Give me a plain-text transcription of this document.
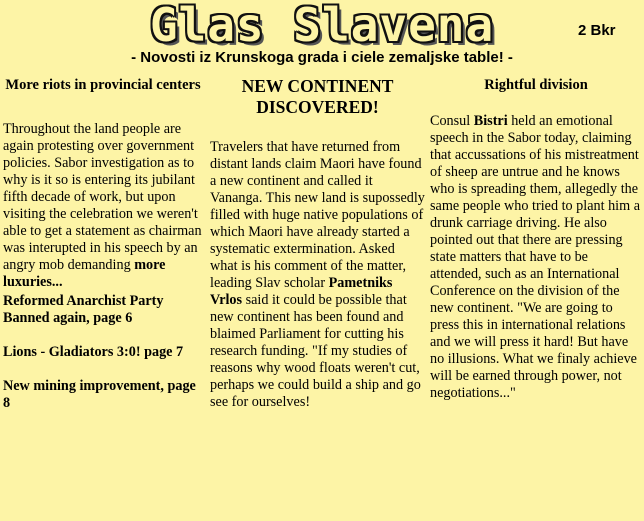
Glas Slavena	2 Bkr
- Novosti iz Krunskoga grada i ciele zemaljske table! -
More riots in provincial centers

Throughout the land people are again protesting over government policies. Sabor investigation as to why is it so is entering its jubilant fifth decade of work, but upon visiting the celebration we weren't able to get a statement as chairman was interupted in his speech by an angry mob demanding more luxuries...

Reformed Anarchist Party Banned again, page 6

Lions - Gladiators 3:0! page 7

New mining improvement, page 8

NEW CONTINENT DISCOVERED!

Travelers that have returned from distant lands claim Maori have found a new continent and called it Vananga. This new land is supossedly filled with huge native populations of which Maori have already started a systematic extermination. Asked what is his comment of the matter, leading Slav scholar Pametniks Vrlos said it could be possible that new continent has been found and blaimed Parliament for cutting his research funding. "If my studies of reasons why wood floats weren't cut, perhaps we could build a ship and go see for ourselves!

Rightful division

Consul Bistri held an emotional speech in the Sabor today, claiming that accussations of his mistreatment of sheep are untrue and he knows who is spreading them, allegedly the same people who tried to plant him a drunk carriage driving. He also pointed out that there are pressing state matters that have to be attended, such as an International Conference on the division of the new continent. "We are going to press this in international relations and we will press it hard! But have no illusions. What we finaly achieve will be earned through power, not negotiations..."
